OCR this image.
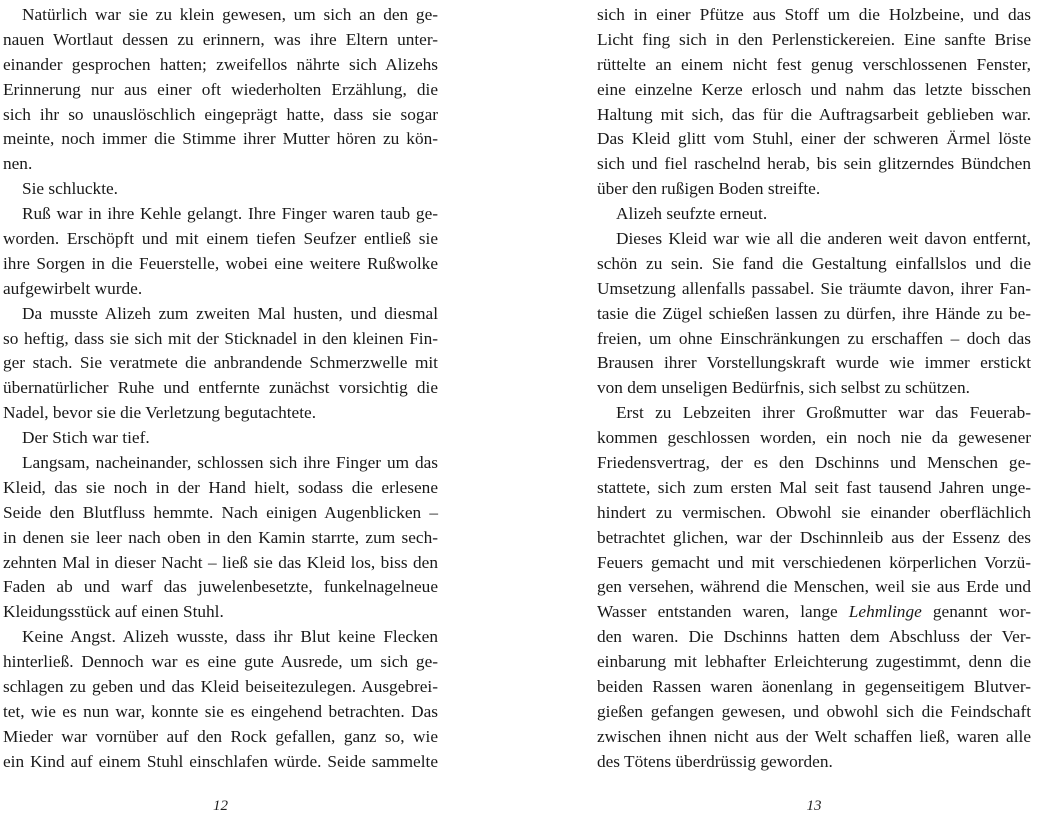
Natürlich war sie zu klein gewesen, um sich an den ge-
nauen Wortlaut dessen zu erinnern, was ihre Eltern unter-
einander gesprochen hatten; zweifellos nährte sich Alizehs
Erinnerung nur aus einer oft wiederholten Erzählung, die
sich ihr so unauslöschlich eingeprägt hatte, dass sie sogar
meinte, noch immer die Stimme ihrer Mutter hören zu kön-
nen.
Sie schluckte.
Ruß war in ihre Kehle gelangt. Ihre Finger waren taub ge-
worden. Erschöpft und mit einem tiefen Seufzer entließ sie
ihre Sorgen in die Feuerstelle, wobei eine weitere Rußwolke
aufgewirbelt wurde.
Da musste Alizeh zum zweiten Mal husten, und diesmal
so heftig, dass sie sich mit der Sticknadel in den kleinen Fin-
ger stach. Sie veratmete die anbrandende Schmerzwelle mit
übernatürlicher Ruhe und entfernte zunächst vorsichtig die
Nadel, bevor sie die Verletzung begutachtete.
Der Stich war tief.
Langsam, nacheinander, schlossen sich ihre Finger um das
Kleid, das sie noch in der Hand hielt, sodass die erlesene
Seide den Blutfluss hemmte. Nach einigen Augenblicken –
in denen sie leer nach oben in den Kamin starrte, zum sech-
zehnten Mal in dieser Nacht – ließ sie das Kleid los, biss den
Faden ab und warf das juwelenbesetzte, funkelnagelneue
Kleidungsstück auf einen Stuhl.
Keine Angst. Alizeh wusste, dass ihr Blut keine Flecken
hinterließ. Dennoch war es eine gute Ausrede, um sich ge-
schlagen zu geben und das Kleid beiseitezulegen. Ausgebrei-
tet, wie es nun war, konnte sie es eingehend betrachten. Das
Mieder war vornüber auf den Rock gefallen, ganz so, wie
ein Kind auf einem Stuhl einschlafen würde. Seide sammelte
12
sich in einer Pfütze aus Stoff um die Holzbeine, und das
Licht fing sich in den Perlenstickereien. Eine sanfte Brise
rüttelte an einem nicht fest genug verschlossenen Fenster,
eine einzelne Kerze erlosch und nahm das letzte bisschen
Haltung mit sich, das für die Auftragsarbeit geblieben war.
Das Kleid glitt vom Stuhl, einer der schweren Ärmel löste
sich und fiel raschelnd herab, bis sein glitzerndes Bündchen
über den rußigen Boden streifte.
Alizeh seufzte erneut.
Dieses Kleid war wie all die anderen weit davon entfernt,
schön zu sein. Sie fand die Gestaltung einfallslos und die
Umsetzung allenfalls passabel. Sie träumte davon, ihrer Fan-
tasie die Zügel schießen lassen zu dürfen, ihre Hände zu be-
freien, um ohne Einschränkungen zu erschaffen – doch das
Brausen ihrer Vorstellungskraft wurde wie immer erstickt
von dem unseligen Bedürfnis, sich selbst zu schützen.
Erst zu Lebzeiten ihrer Großmutter war das Feuerab-
kommen geschlossen worden, ein noch nie da gewesener
Friedensvertrag, der es den Dschinns und Menschen ge-
stattete, sich zum ersten Mal seit fast tausend Jahren unge-
hindert zu vermischen. Obwohl sie einander oberflächlich
betrachtet glichen, war der Dschinnleib aus der Essenz des
Feuers gemacht und mit verschiedenen körperlichen Vorzü-
gen versehen, während die Menschen, weil sie aus Erde und
Wasser entstanden waren, lange Lehmlinge genannt wor-
den waren. Die Dschinns hatten dem Abschluss der Ver-
einbarung mit lebhafter Erleichterung zugestimmt, denn die
beiden Rassen waren äonenlang in gegenseitigem Blutver-
gießen gefangen gewesen, und obwohl sich die Feindschaft
zwischen ihnen nicht aus der Welt schaffen ließ, waren alle
des Tötens überdrüssig geworden.
13
